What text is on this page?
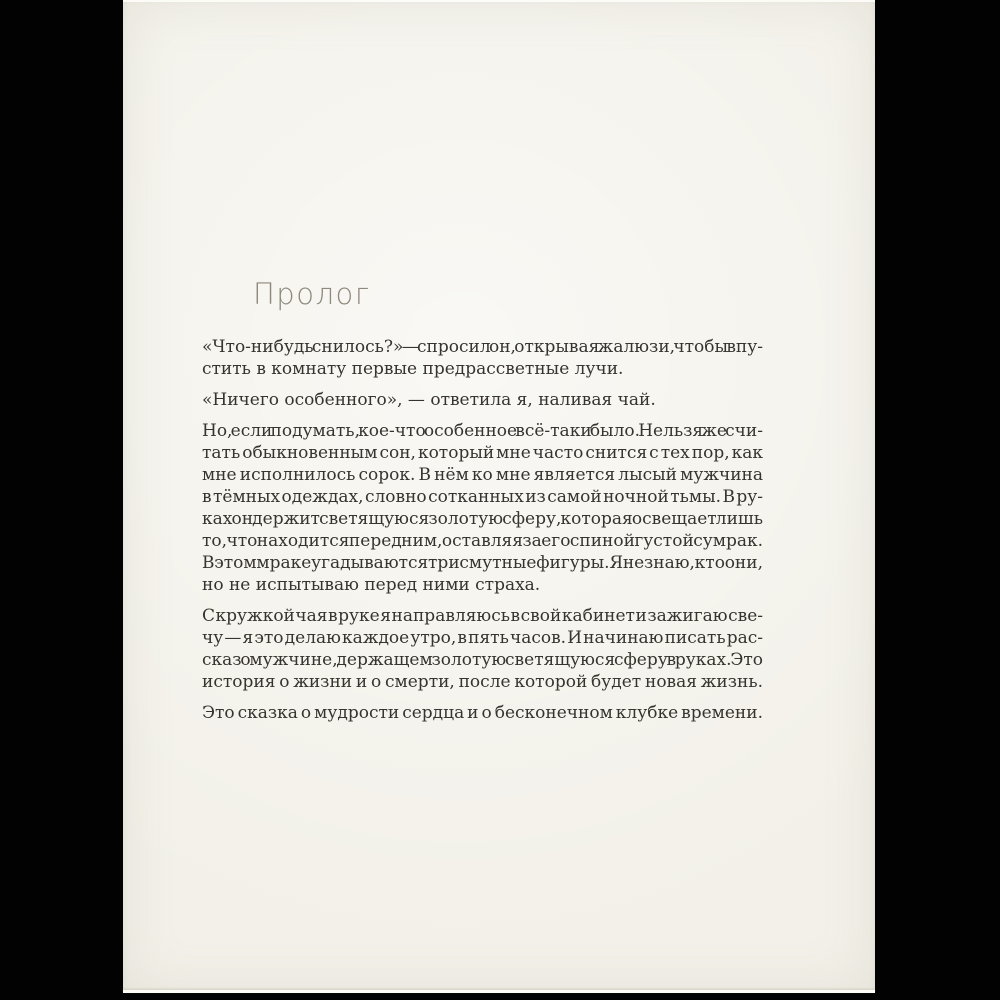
Пролог
«Что-нибудь снилось?» — спросил он, открывая жалюзи, чтобы впу-
стить в комнату первые предрассветные лучи.
«Ничего особенного», — ответила я, наливая чай.
Но, если подумать, кое-что особенное всё-таки было. Нельзя же счи-
тать обыкновенным сон, который мне часто снится с тех пор, как
мне исполнилось сорок. В нём ко мне является лысый мужчина
в тёмных одеждах, словно сотканных из самой ночной тьмы. В ру-
ках он держит светящуюся золотую сферу, которая освещает лишь
то, что находится перед ним, оставляя за его спиной густой сумрак.
В этом мраке угадываются три смутные фигуры. Я не знаю, кто они,
но не испытываю перед ними страха.
С кружкой чая в руке я направляюсь в свой кабинет и зажигаю све-
чу — я это делаю каждое утро, в пять часов. И начинаю писать рас-
сказ о мужчине, держащем золотую светящуюся сферу в руках. Это
история о жизни и о смерти, после которой будет новая жизнь.
Это сказка о мудрости сердца и о бесконечном клубке времени.
